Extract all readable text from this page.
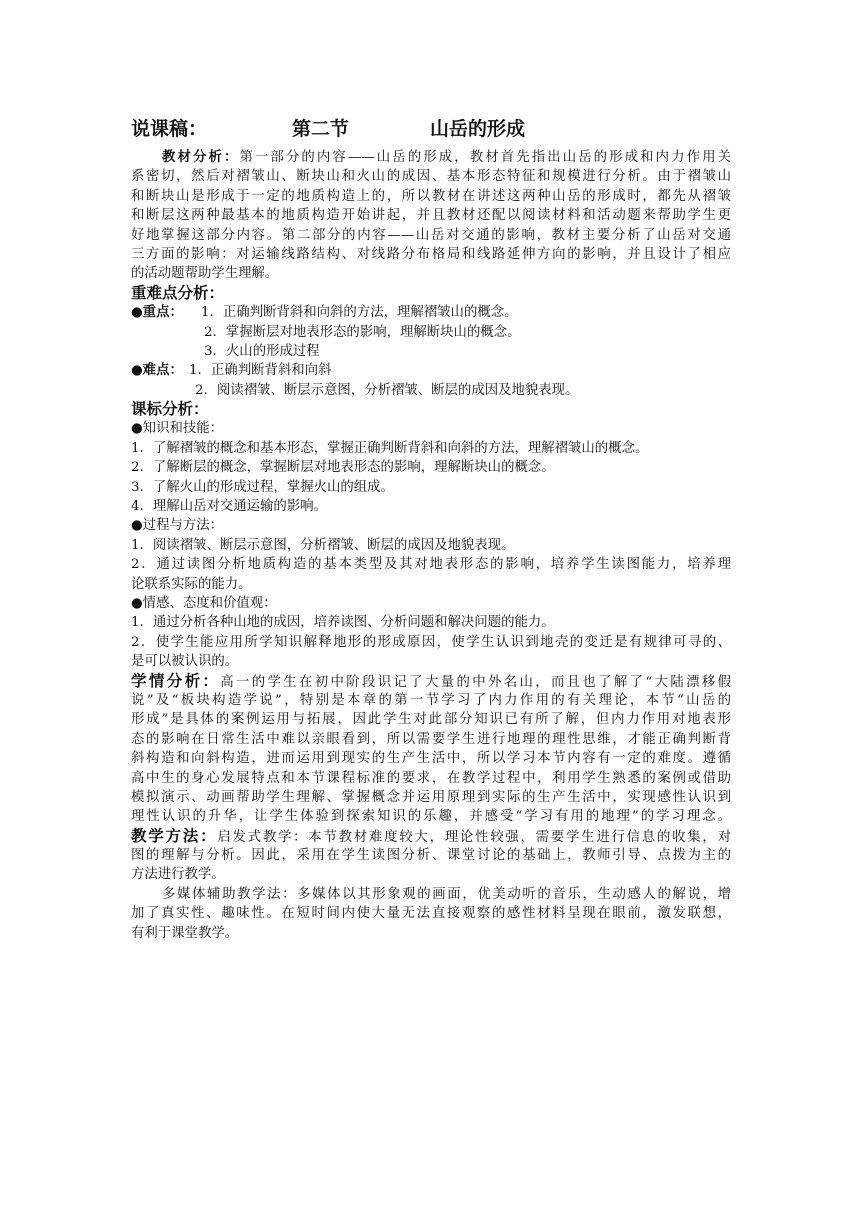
说课稿：	第二节	山岳的形成
教材分析：第一部分的内容——山岳的形成，教材首先指出山岳的形成和内力作用关
系密切，然后对褶皱山、断块山和火山的成因、基本形态特征和规模进行分析。由于褶皱山
和断块山是形成于一定的地质构造上的，所以教材在讲述这两种山岳的形成时，都先从褶皱
和断层这两种最基本的地质构造开始讲起，并且教材还配以阅读材料和活动题来帮助学生更
好地掌握这部分内容。第二部分的内容——山岳对交通的影响，教材主要分析了山岳对交通
三方面的影响：对运输线路结构、对线路分布格局和线路延伸方向的影响，并且设计了相应
的活动题帮助学生理解。
重难点分析：
●重点： 1．正确判断背斜和向斜的方法，理解褶皱山的概念。
2．掌握断层对地表形态的影响，理解断块山的概念。
3．火山的形成过程
●难点： 1．正确判断背斜和向斜
2．阅读褶皱、断层示意图，分析褶皱、断层的成因及地貌表现。
课标分析：
●知识和技能：
1．了解褶皱的概念和基本形态，掌握正确判断背斜和向斜的方法，理解褶皱山的概念。
2．了解断层的概念，掌握断层对地表形态的影响，理解断块山的概念。
3．了解火山的形成过程，掌握火山的组成。
4．理解山岳对交通运输的影响。
●过程与方法：
1．阅读褶皱、断层示意图，分析褶皱、断层的成因及地貌表现。
2．通过读图分析地质构造的基本类型及其对地表形态的影响，培养学生读图能力，培养理
论联系实际的能力。
●情感、态度和价值观：
1．通过分析各种山地的成因，培养读图、分析问题和解决问题的能力。
2．使学生能应用所学知识解释地形的形成原因，使学生认识到地壳的变迁是有规律可寻的、
是可以被认识的。
学情分析：高一的学生在初中阶段识记了大量的中外名山，而且也了解了“大陆漂移假
说”及“板块构造学说”，特别是本章的第一节学习了内力作用的有关理论，本节“山岳的
形成”是具体的案例运用与拓展，因此学生对此部分知识已有所了解，但内力作用对地表形
态的影响在日常生活中难以亲眼看到，所以需要学生进行地理的理性思维，才能正确判断背
斜构造和向斜构造，进而运用到现实的生产生活中，所以学习本节内容有一定的难度。遵循
高中生的身心发展特点和本节课程标准的要求，在教学过程中，利用学生熟悉的案例或借助
模拟演示、动画帮助学生理解、掌握概念并运用原理到实际的生产生活中，实现感性认识到
理性认识的升华，让学生体验到探索知识的乐趣，并感受“学习有用的地理”的学习理念。
教学方法：启发式教学：本节教材难度较大，理论性较强，需要学生进行信息的收集，对
图的理解与分析。因此，采用在学生读图分析、课堂讨论的基础上，教师引导、点拨为主的
方法进行教学。
多媒体辅助教学法：多媒体以其形象观的画面，优美动听的音乐，生动感人的解说，增
加了真实性、趣味性。在短时间内使大量无法直接观察的感性材料呈现在眼前，激发联想，
有利于课堂教学。
